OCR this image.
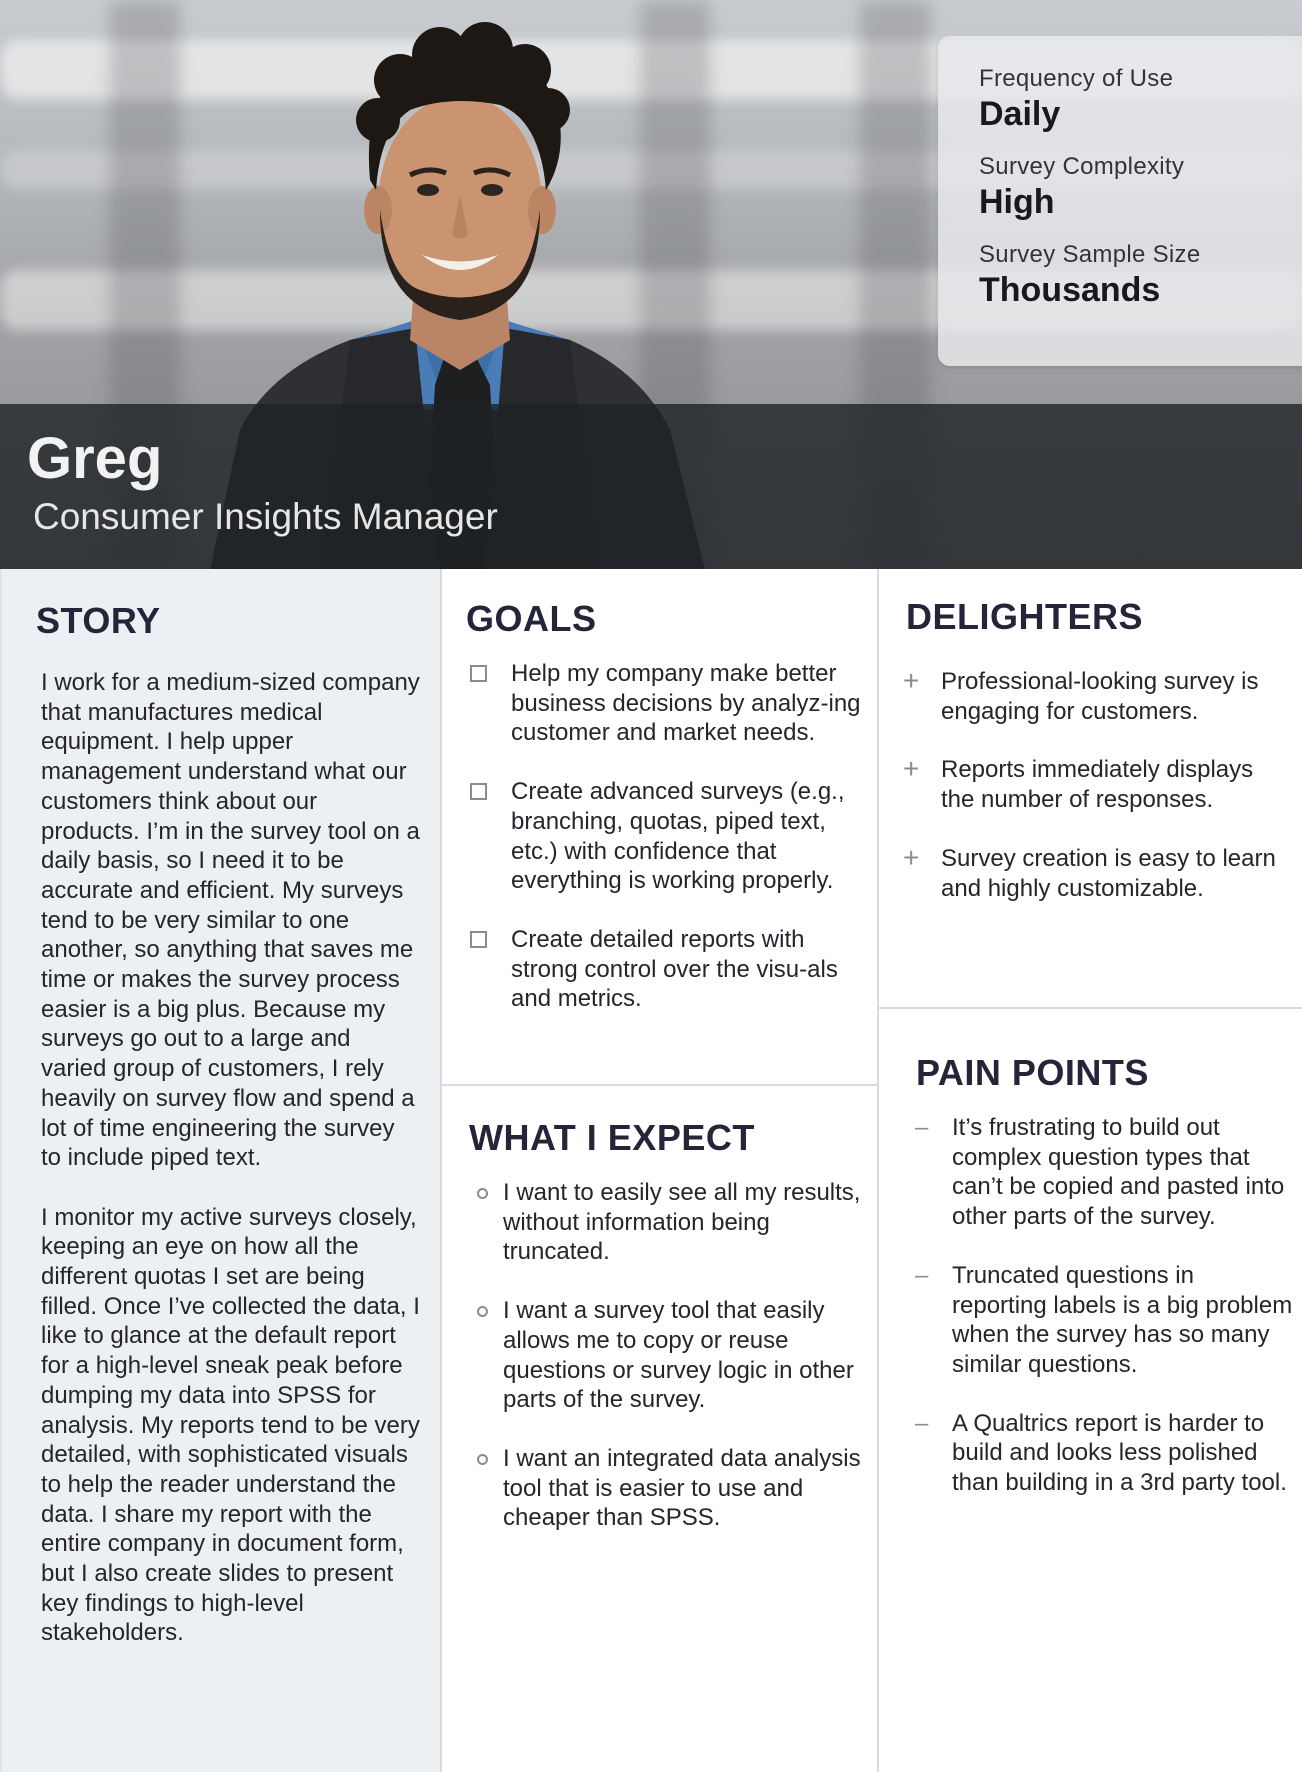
Frequency of Use
Daily
Survey Complexity
High
Survey Sample Size
Thousands
Greg
Consumer Insights Manager
STORY

I work for a medium-sized company that manufactures medical equipment. I help upper management understand what our customers think about our products. I’m in the survey tool on a daily basis, so I need it to be accurate and efficient. My surveys tend to be very similar to one another, so anything that saves me time or makes the survey process easier is a big plus. Because my surveys go out to a large and varied group of customers, I rely heavily on survey flow and spend a lot of time engineering the survey to include piped text.

I monitor my active surveys closely, keeping an eye on how all the different quotas I set are being filled. Once I’ve collected the data, I like to glance at the default report for a high-level sneak peak before dumping my data into SPSS for analysis. My reports tend to be very detailed, with sophisticated visuals to help the reader understand the data. I share my report with the entire company in document form, but I also create slides to present key findings to high-level stakeholders.

GOALS
Help my company make better business decisions by analyz-ing customer and market needs.
Create advanced surveys (e.g., branching, quotas, piped text, etc.) with confidence that everything is working properly.
Create detailed reports with strong control over the visu-als and metrics.
WHAT I EXPECT
I want to easily see all my results, without information being truncated.
I want a survey tool that easily allows me to copy or reuse questions or survey logic in other parts of the survey.
I want an integrated data analysis tool that is easier to use and cheaper than SPSS.
DELIGHTERS
+ Professional-looking survey is engaging for customers.
+ Reports immediately displays the number of responses.
+ Survey creation is easy to learn and highly customizable.
PAIN POINTS
– It’s frustrating to build out complex question types that can’t be copied and pasted into other parts of the survey.
– Truncated questions in reporting labels is a big problem when the survey has so many similar questions.
– A Qualtrics report is harder to build and looks less polished than building in a 3rd party tool.
